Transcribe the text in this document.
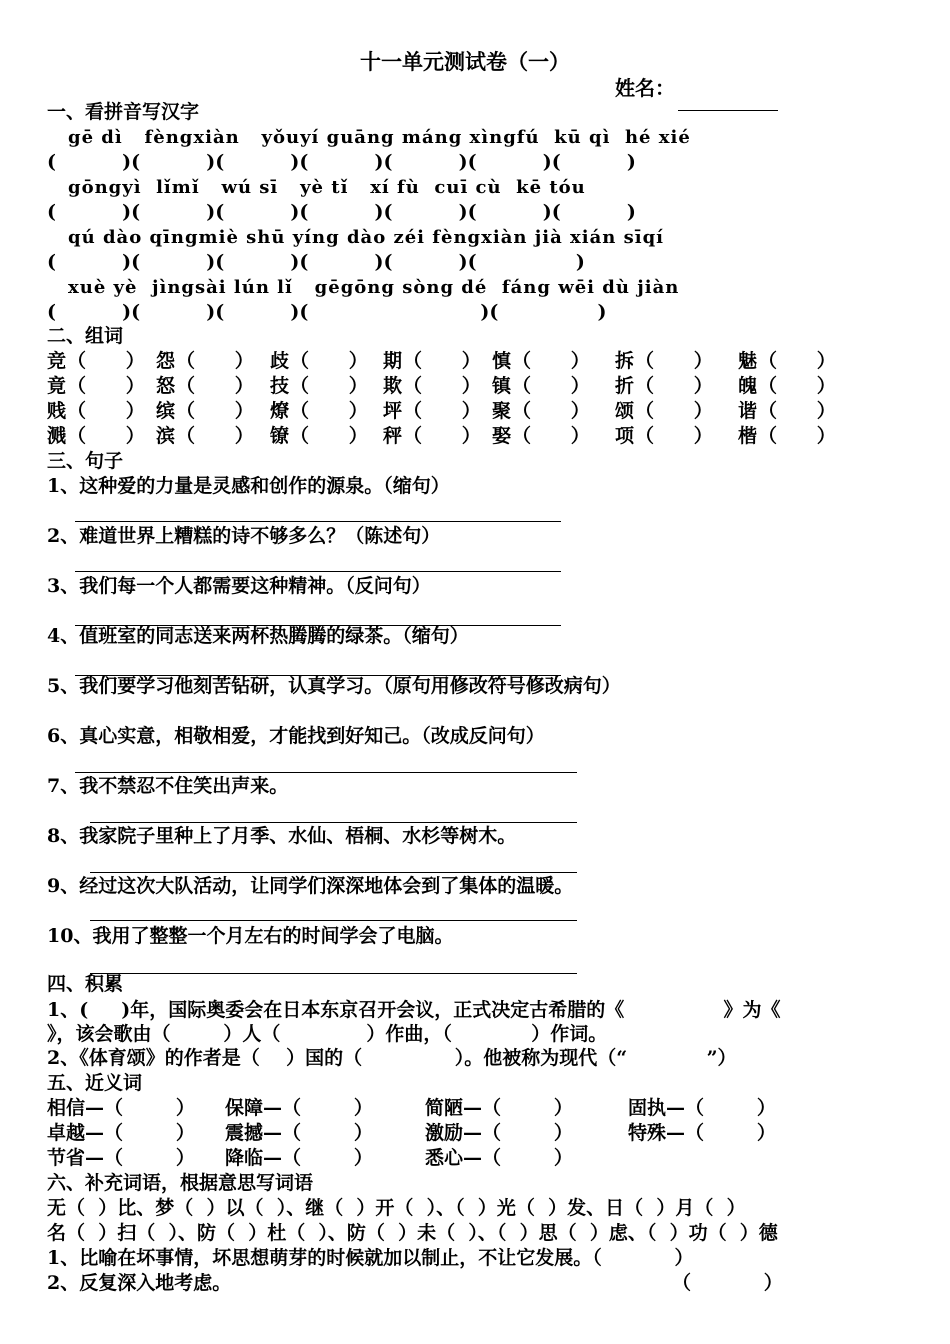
十一单元测试卷（一）
姓名：
一、看拼音写汉字
gē dì   fèngxiàn   yǒuyí guāng máng xìngfú  kū qì  hé xié
(          )(          )(          )(          )(          )(          )(          )
gōngyì  lǐmǐ   wú sī   yè tǐ   xí fù  cuī cù  kē tóu
(          )(          )(          )(          )(          )(          )(          )
qú dào qīngmiè shū yíng dào zéi fèngxiàn jià xián sīqí
(          )(          )(          )(          )(          )(               )
xuè yè  jìngsài lún lǐ   gēgōng sòng dé  fáng wēi dù jiàn
(          )(          )(          )(                          )(               )
二、组词
竞 （      ） 怨 （      ） 歧 （      ） 期 （      ） 慎 （      ） 拆 （      ） 魅 （      ）
竟 （      ） 怒 （      ） 技 （      ） 欺 （      ） 镇 （      ） 折 （      ） 魄 （      ）
贱 （      ） 缤 （      ） 燎 （      ） 坪 （      ） 聚 （      ） 颂 （      ） 谐 （      ）
溅 （      ） 滨 （      ） 镣 （      ） 秤 （      ） 娶 （      ） 项 （      ） 楷 （      ）
三、句子
1、这种爱的力量是灵感和创作的源泉。（缩句）
2、难道世界上糟糕的诗不够多么？（陈述句）
3、我们每一个人都需要这种精神。（反问句）
4、值班室的同志送来两杯热腾腾的绿茶。（缩句）
5、我们要学习他刻苦钻研，认真学习。（原句用修改符号修改病句）
6、真心实意，相敬相爱，才能找到好知己。（改成反问句）
7、我不禁忍不住笑出声来。
8、我家院子里种上了月季、水仙、梧桐、水杉等树木。
9、经过这次大队活动，让同学们深深地体会到了集体的温暖。
10、我用了整整一个月左右的时间学会了电脑。
四、积累
1、(     )年，国际奥委会在日本东京召开会议，正式决定古希腊的《               》为《
》，该会歌由（        ）人（             ）作曲，（            ）作词。
2、《体育颂》的作者是（    ）国的（              ）。他被称为现代（“            ”）
五、近义词
相信—（        ） 保障—（        ）	简陋—（        ）	固执—（        ）
卓越—（        ） 震撼—（        ）	激励—（        ）	特殊—（        ）
节省—（        ） 降临—（        ）	悉心—（        ）
六、补充词语，根据意思写词语
无（  ）比、梦（  ）以（  ）、继（  ）开（  ）、（  ）光（  ）发、日（  ）月（  ）
名（  ）扫（  ）、防（  ）杜（  ）、防（  ）未（  ）、（  ）思（  ）虑、（  ）功（  ）德
1、比喻在坏事情，坏思想萌芽的时候就加以制止，不让它发展。（           ）
2、反复深入地考虑。	（           ）
